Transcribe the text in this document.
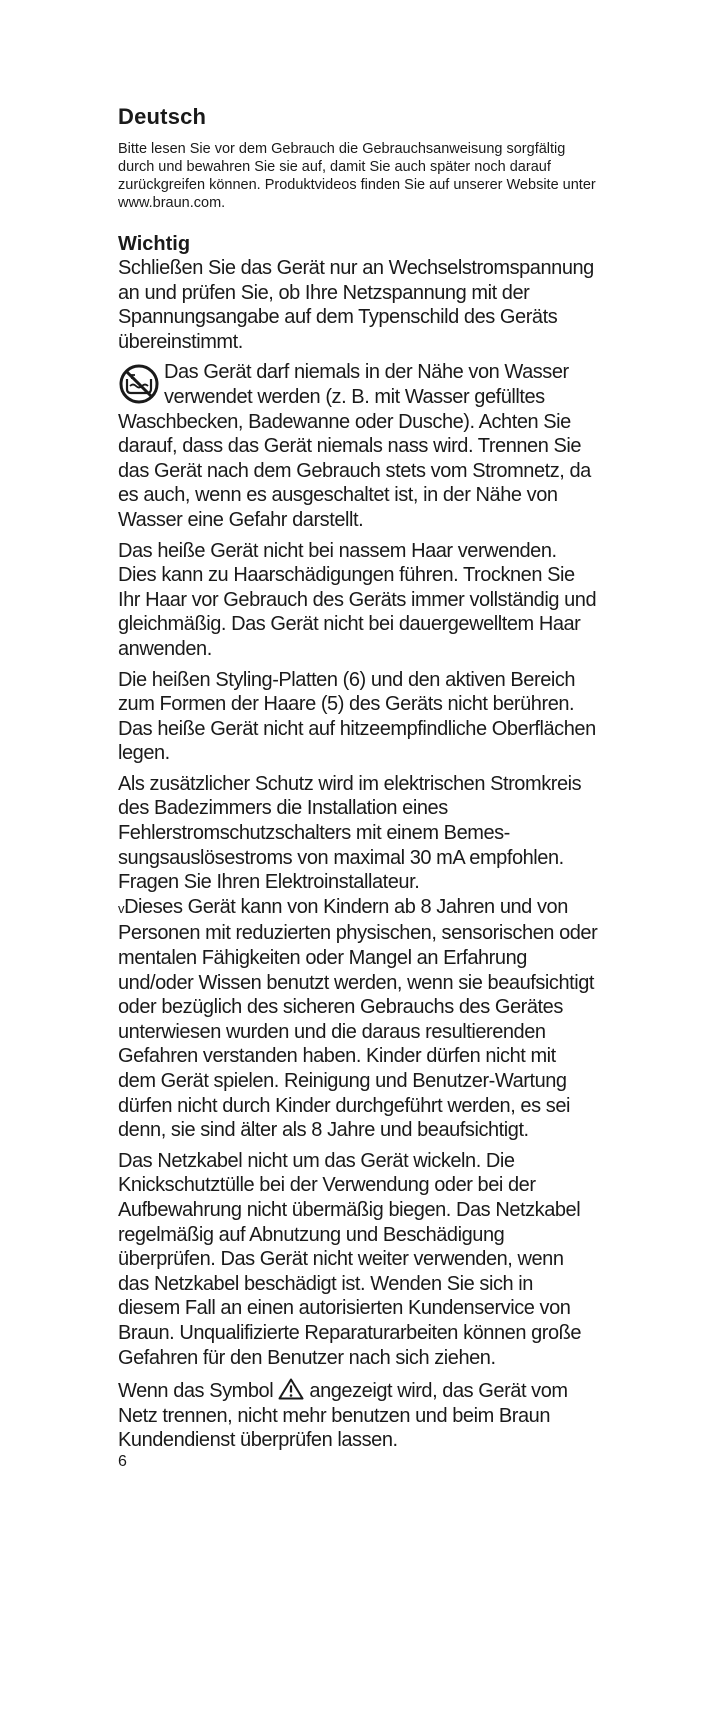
Deutsch

Bitte lesen Sie vor dem Gebrauch die Gebrauchsanweisung sorgfältig durch und bewahren Sie sie auf, damit Sie auch später noch darauf zurückgreifen können. Produktvideos finden Sie auf unserer Website unter www.braun.com.

Wichtig

Schließen Sie das Gerät nur an Wechselstromspannung an und prüfen Sie, ob Ihre Netzspannung mit der Spannungsangabe auf dem Typenschild des Geräts übereinstimmt.

Das Gerät darf niemals in der Nähe von Wasser verwendet werden (z. B. mit Wasser gefülltes Waschbecken, Badewanne oder Dusche). Achten Sie darauf, dass das Gerät niemals nass wird. Trennen Sie das Gerät nach dem Gebrauch stets vom Stromnetz, da es auch, wenn es ausgeschaltet ist, in der Nähe von Wasser eine Gefahr darstellt.

Das heiße Gerät nicht bei nassem Haar verwenden. Dies kann zu Haarschädigungen führen. Trocknen Sie Ihr Haar vor Gebrauch des Geräts immer vollständig und gleichmäßig. Das Gerät nicht bei dauergewelltem Haar anwenden.

Die heißen Styling-Platten (6) und den aktiven Bereich zum Formen der Haare (5) des Geräts nicht berühren. Das heiße Gerät nicht auf hitzeempfindliche Oberflächen legen.

Als zusätzlicher Schutz wird im elektrischen Stromkreis des Badezimmers die Installation eines Fehlerstromschutzschalters mit einem Bemessungsauslösestroms von maximal 30 mA empfohlen. Fragen Sie Ihren Elektroinstallateur.

vDieses Gerät kann von Kindern ab 8 Jahren und von Personen mit reduzierten physischen, sensorischen oder mentalen Fähigkeiten oder Mangel an Erfahrung und/oder Wissen benutzt werden, wenn sie beaufsichtigt oder bezüglich des sicheren Gebrauchs des Gerätes unterwiesen wurden und die daraus resultierenden Gefahren verstanden haben. Kinder dürfen nicht mit dem Gerät spielen. Reinigung und Benutzer-Wartung dürfen nicht durch Kinder durchgeführt werden, es sei denn, sie sind älter als 8 Jahre und beaufsichtigt.

Das Netzkabel nicht um das Gerät wickeln. Die Knickschutztülle bei der Verwendung oder bei der Aufbewahrung nicht übermäßig biegen. Das Netzkabel regelmäßig auf Abnutzung und Beschädigung überprüfen. Das Gerät nicht weiter verwenden, wenn das Netzkabel beschädigt ist. Wenden Sie sich in diesem Fall an einen autorisierten Kundenservice von Braun. Unqualifizierte Reparaturarbeiten können große Gefahren für den Benutzer nach sich ziehen.

Wenn das Symbol angezeigt wird, das Gerät vom Netz trennen, nicht mehr benutzen und beim Braun Kundendienst überprüfen lassen.

6
